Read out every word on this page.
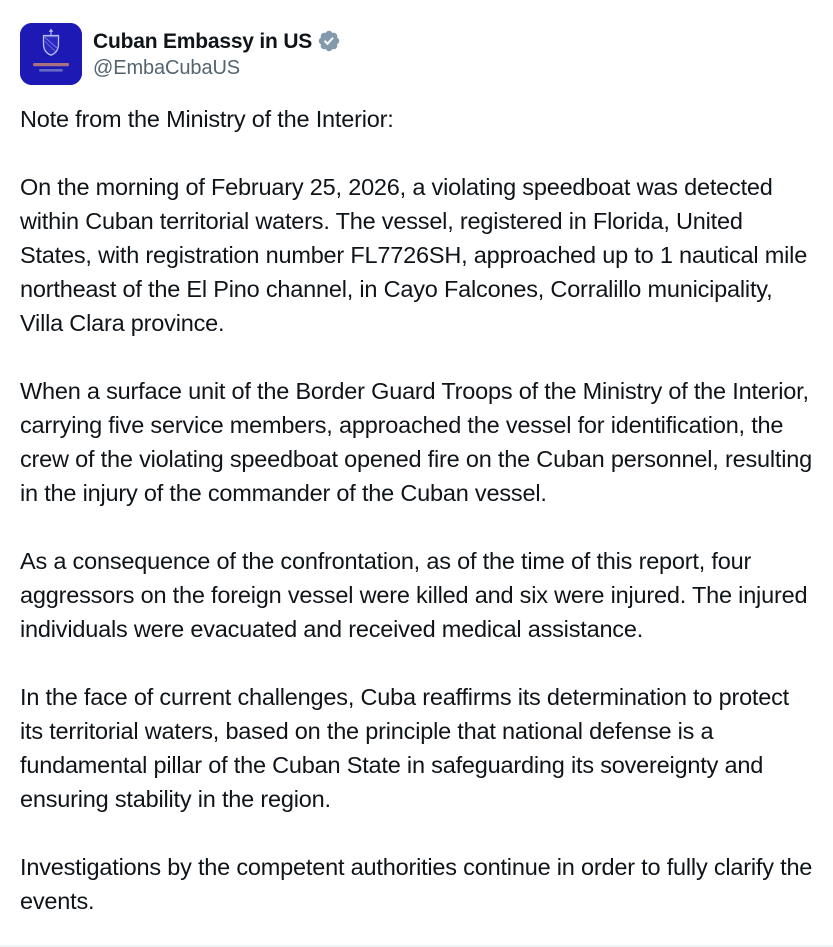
Cuban Embassy in US
@EmbaCubaUS

Note from the Ministry of the Interior:

On the morning of February 25, 2026, a violating speedboat was detected within Cuban territorial waters. The vessel, registered in Florida, United States, with registration number FL7726SH, approached up to 1 nautical mile northeast of the El Pino channel, in Cayo Falcones, Corralillo municipality, Villa Clara province.

When a surface unit of the Border Guard Troops of the Ministry of the Interior, carrying five service members, approached the vessel for identification, the crew of the violating speedboat opened fire on the Cuban personnel, resulting in the injury of the commander of the Cuban vessel.

As a consequence of the confrontation, as of the time of this report, four aggressors on the foreign vessel were killed and six were injured. The injured individuals were evacuated and received medical assistance.

In the face of current challenges, Cuba reaffirms its determination to protect its territorial waters, based on the principle that national defense is a fundamental pillar of the Cuban State in safeguarding its sovereignty and ensuring stability in the region.

Investigations by the competent authorities continue in order to fully clarify the events.
